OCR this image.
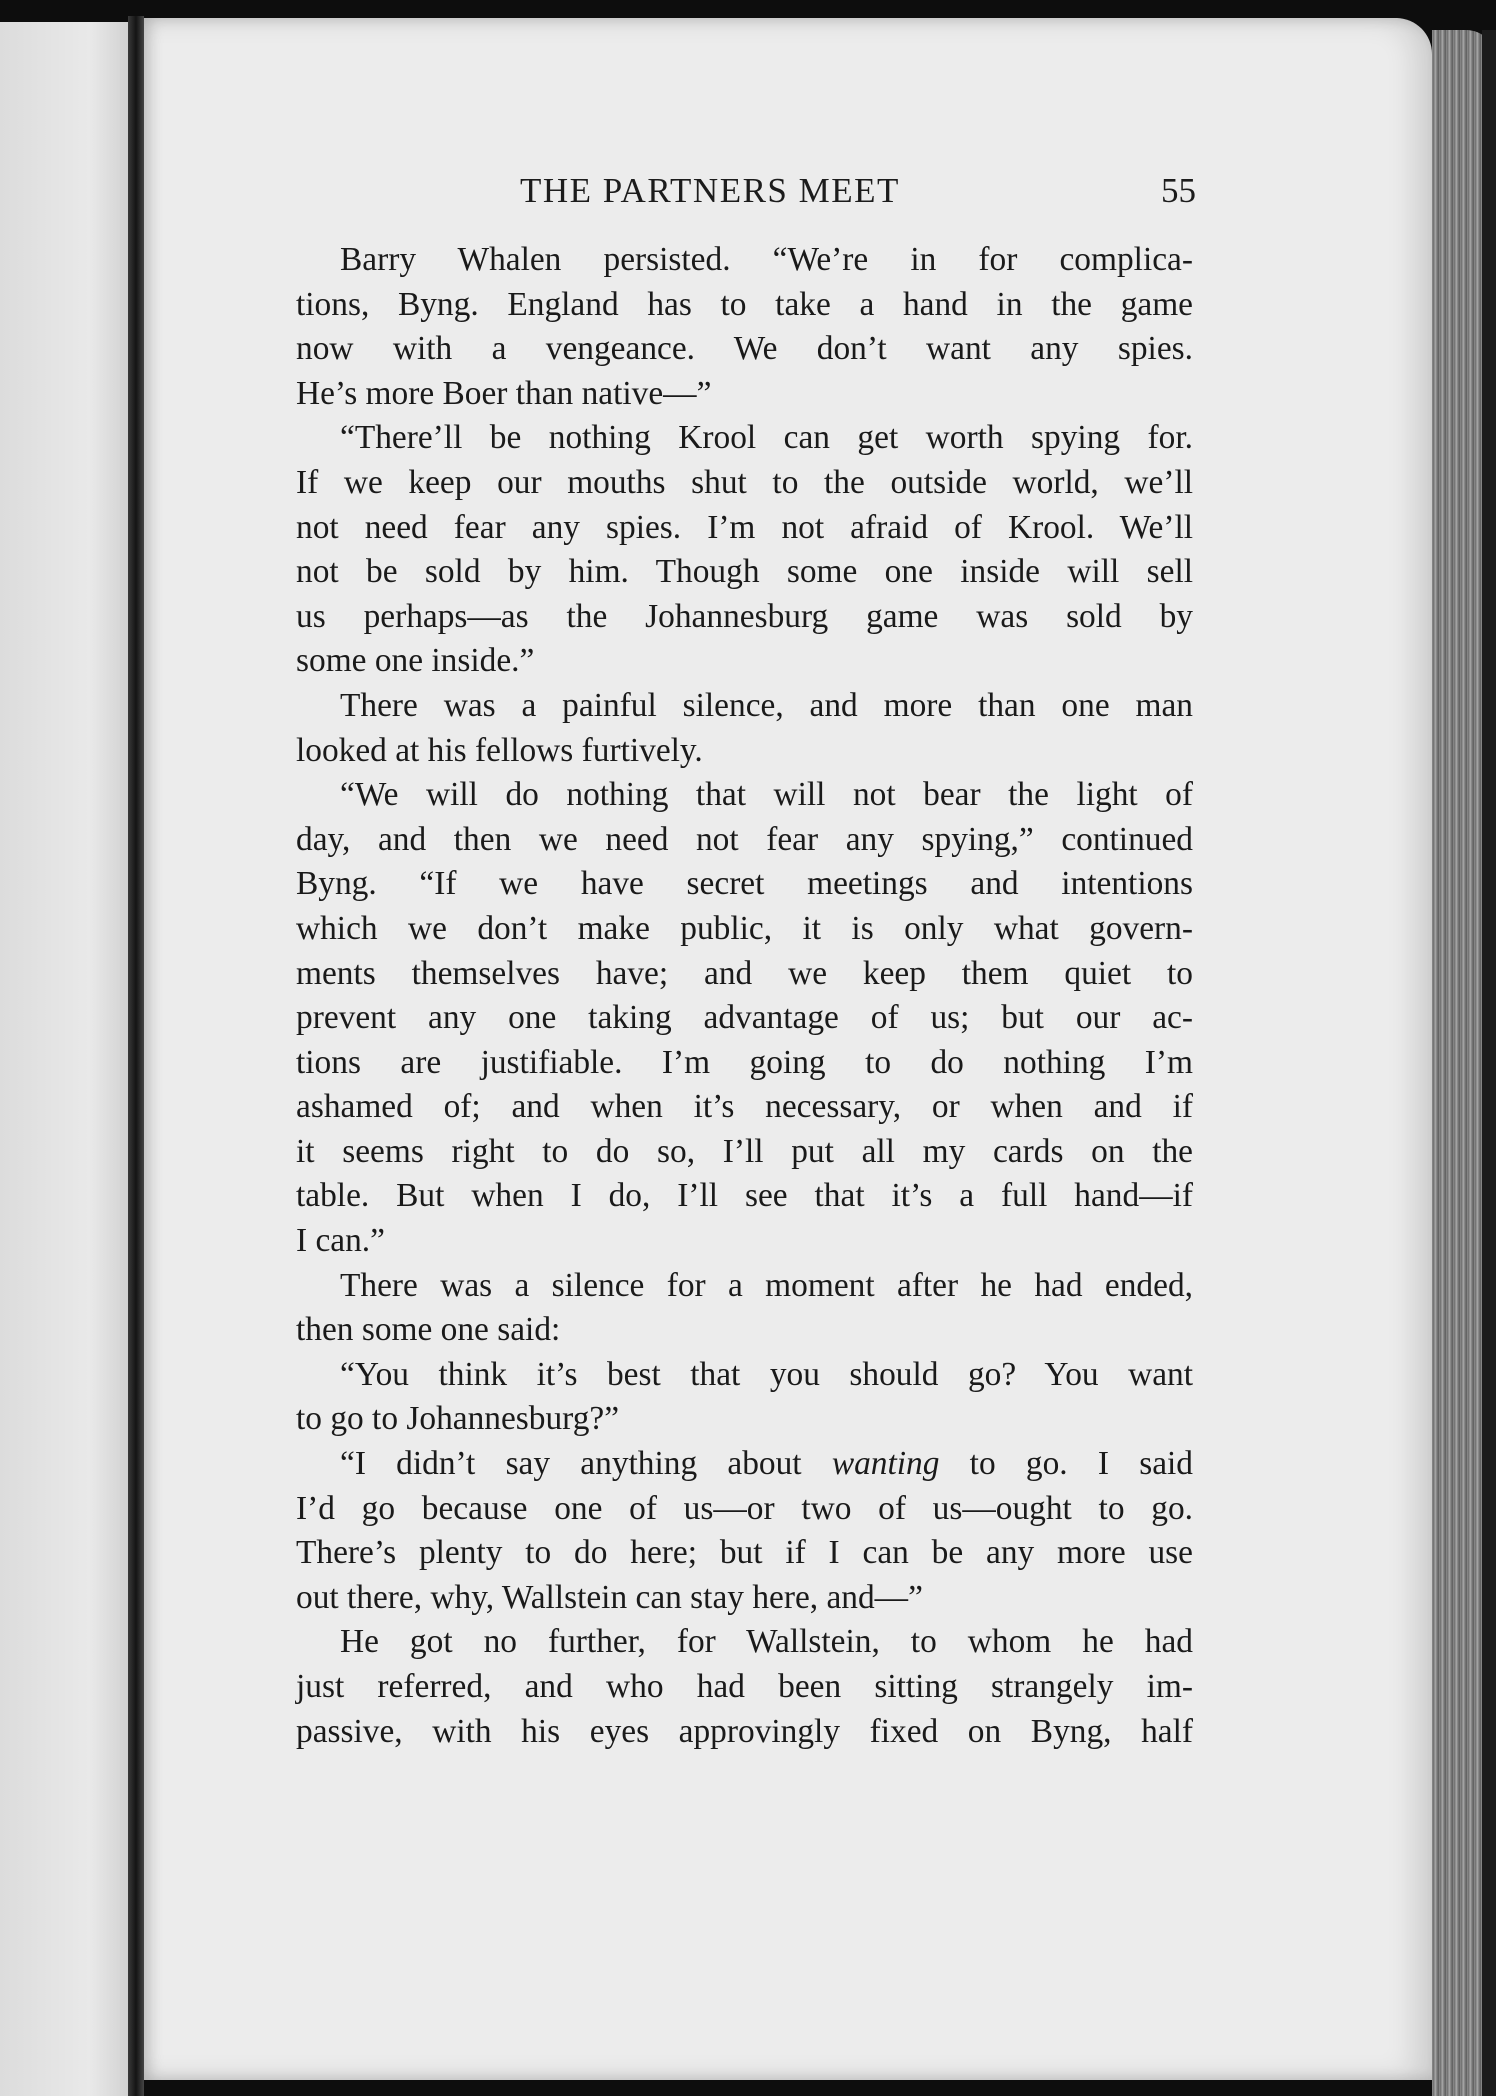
THE PARTNERS MEET	55
Barry Whalen persisted. “We’re in for complica-
tions, Byng. England has to take a hand in the game
now with a vengeance. We don’t want any spies.
He’s more Boer than native—”
“There’ll be nothing Krool can get worth spying for.
If we keep our mouths shut to the outside world, we’ll
not need fear any spies. I’m not afraid of Krool. We’ll
not be sold by him. Though some one inside will sell
us perhaps—as the Johannesburg game was sold by
some one inside.”
There was a painful silence, and more than one man
looked at his fellows furtively.
“We will do nothing that will not bear the light of
day, and then we need not fear any spying,” continued
Byng. “If we have secret meetings and intentions
which we don’t make public, it is only what govern-
ments themselves have; and we keep them quiet to
prevent any one taking advantage of us; but our ac-
tions are justifiable. I’m going to do nothing I’m
ashamed of; and when it’s necessary, or when and if
it seems right to do so, I’ll put all my cards on the
table. But when I do, I’ll see that it’s a full hand—if
I can.”
There was a silence for a moment after he had ended,
then some one said:
“You think it’s best that you should go? You want
to go to Johannesburg?”
“I didn’t say anything about wanting to go. I said
I’d go because one of us—or two of us—ought to go.
There’s plenty to do here; but if I can be any more use
out there, why, Wallstein can stay here, and—”
He got no further, for Wallstein, to whom he had
just referred, and who had been sitting strangely im-
passive, with his eyes approvingly fixed on Byng, half
